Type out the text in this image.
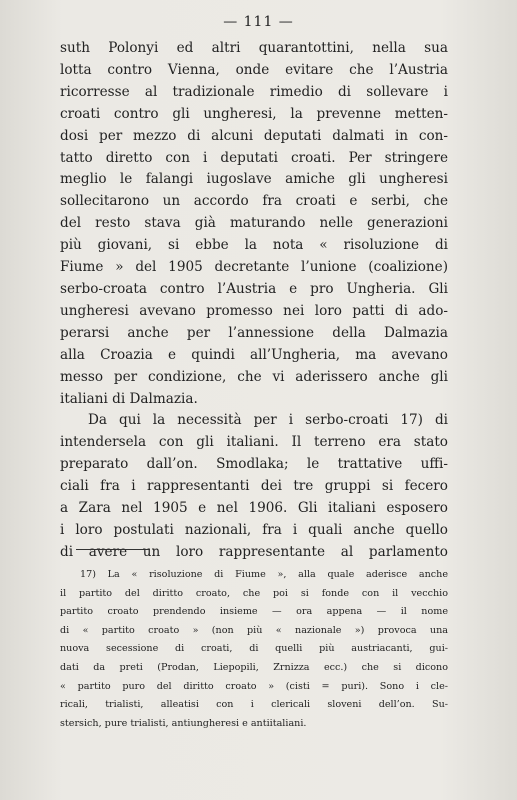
— 111 —
suth Polonyi ed altri quarantottini, nella sua
lotta contro Vienna, onde evitare che l’Austria
ricorresse al tradizionale rimedio di sollevare i
croati contro gli ungheresi, la prevenne metten-
dosi per mezzo di alcuni deputati dalmati in con-
tatto diretto con i deputati croati. Per stringere
meglio le falangi iugoslave amiche gli ungheresi
sollecitarono un accordo fra croati e serbi, che
del resto stava già maturando nelle generazioni
più giovani, si ebbe la nota « risoluzione di
Fiume » del 1905 decretante l’unione (coalizione)
serbo-croata contro l’Austria e pro Ungheria. Gli
ungheresi avevano promesso nei loro patti di ado-
perarsi anche per l’annessione della Dalmazia
alla Croazia e quindi all’Ungheria, ma avevano
messo per condizione, che vi aderissero anche gli
italiani di Dalmazia.
Da qui la necessità per i serbo-croati 17) di
intendersela con gli italiani. Il terreno era stato
preparato dall’on. Smodlaka; le trattative uffi-
ciali fra i rappresentanti dei tre gruppi si fecero
a Zara nel 1905 e nel 1906. Gli italiani esposero
i loro postulati nazionali, fra i quali anche quello
di avere un loro rappresentante al parlamento
17) La « risoluzione di Fiume », alla quale aderisce anche
il partito del diritto croato, che poi si fonde con il vecchio
partito croato prendendo insieme — ora appena — il nome
di « partito croato » (non più « nazionale ») provoca una
nuova secessione di croati, di quelli più austriacanti, gui-
dati da preti (Prodan, Liepopili, Zrnizza ecc.) che si dicono
« partito puro del diritto croato » (cisti = puri). Sono i cle-
ricali, trialisti, alleatisi con i clericali sloveni dell’on. Su-
stersich, pure trialisti, antiungheresi e antiitaliani.
